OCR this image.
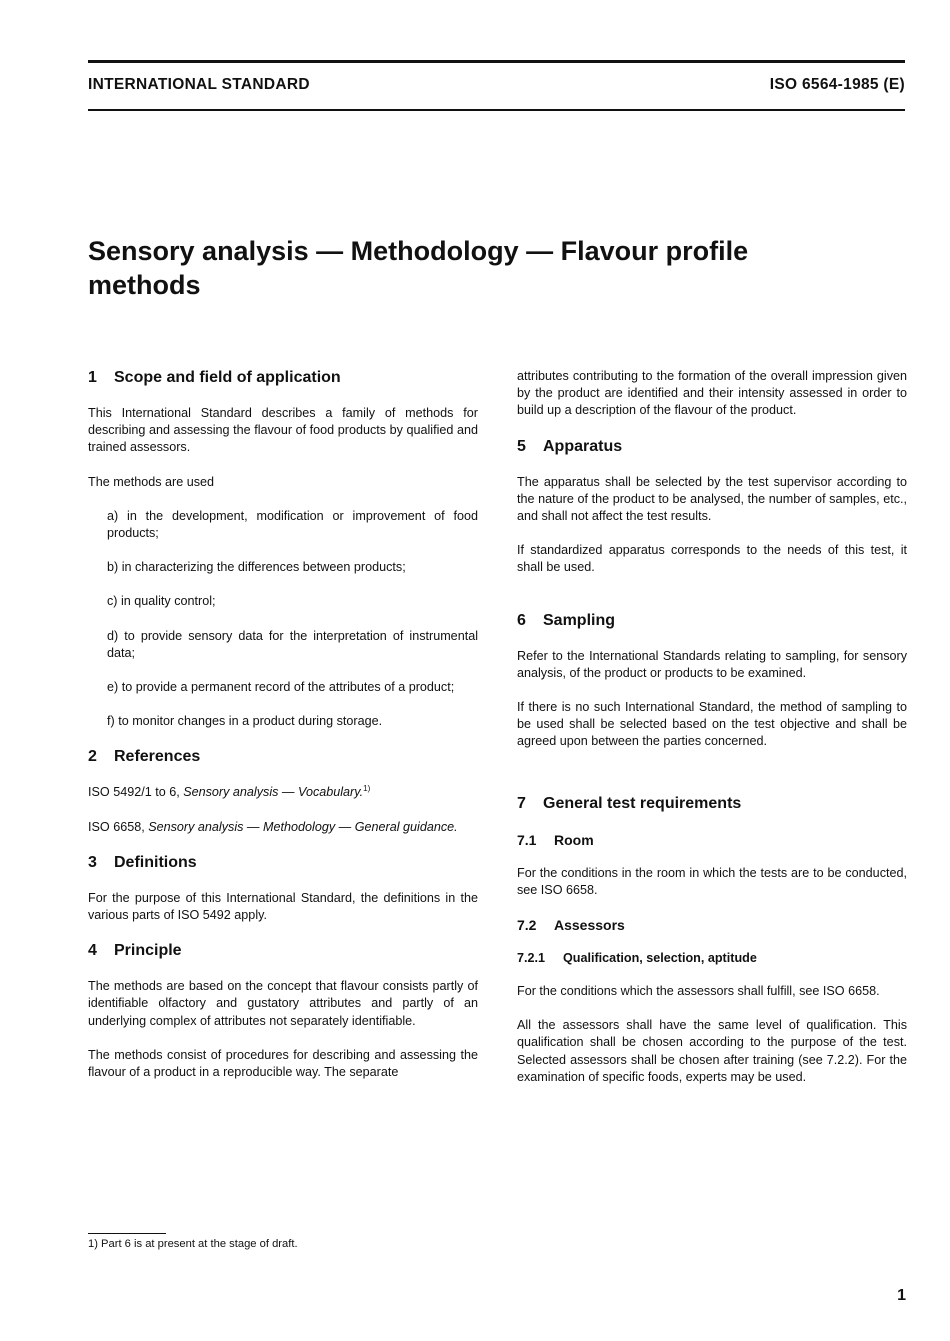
INTERNATIONAL STANDARD	ISO 6564-1985 (E)
Sensory analysis — Methodology — Flavour profile methods
1 Scope and field of application

This International Standard describes a family of methods for describing and assessing the flavour of food products by qualified and trained assessors.

The methods are used

a) in the development, modification or improvement of food products;

b) in characterizing the differences between products;

c) in quality control;

d) to provide sensory data for the interpretation of instrumental data;

e) to provide a permanent record of the attributes of a product;

f) to monitor changes in a product during storage.

2 References

ISO 5492/1 to 6, Sensory analysis — Vocabulary.$^{1)}$

ISO 6658, Sensory analysis — Methodology — General guidance.

3 Definitions

For the purpose of this International Standard, the definitions in the various parts of ISO 5492 apply.

4 Principle

The methods are based on the concept that flavour consists partly of identifiable olfactory and gustatory attributes and partly of an underlying complex of attributes not separately identifiable.

The methods consist of procedures for describing and assessing the flavour of a product in a reproducible way. The separate

attributes contributing to the formation of the overall impression given by the product are identified and their intensity assessed in order to build up a description of the flavour of the product.

5 Apparatus

The apparatus shall be selected by the test supervisor according to the nature of the product to be analysed, the number of samples, etc., and shall not affect the test results.

If standardized apparatus corresponds to the needs of this test, it shall be used.

6 Sampling

Refer to the International Standards relating to sampling, for sensory analysis, of the product or products to be examined.

If there is no such International Standard, the method of sampling to be used shall be selected based on the test objective and shall be agreed upon between the parties concerned.

7 General test requirements
7.1 Room

For the conditions in the room in which the tests are to be conducted, see ISO 6658.

7.2 Assessors
7.2.1 Qualification, selection, aptitude

For the conditions which the assessors shall fulfill, see ISO 6658.

All the assessors shall have the same level of qualification. This qualification shall be chosen according to the purpose of the test. Selected assessors shall be chosen after training (see 7.2.2). For the examination of specific foods, experts may be used.

1) Part 6 is at present at the stage of draft.
1
